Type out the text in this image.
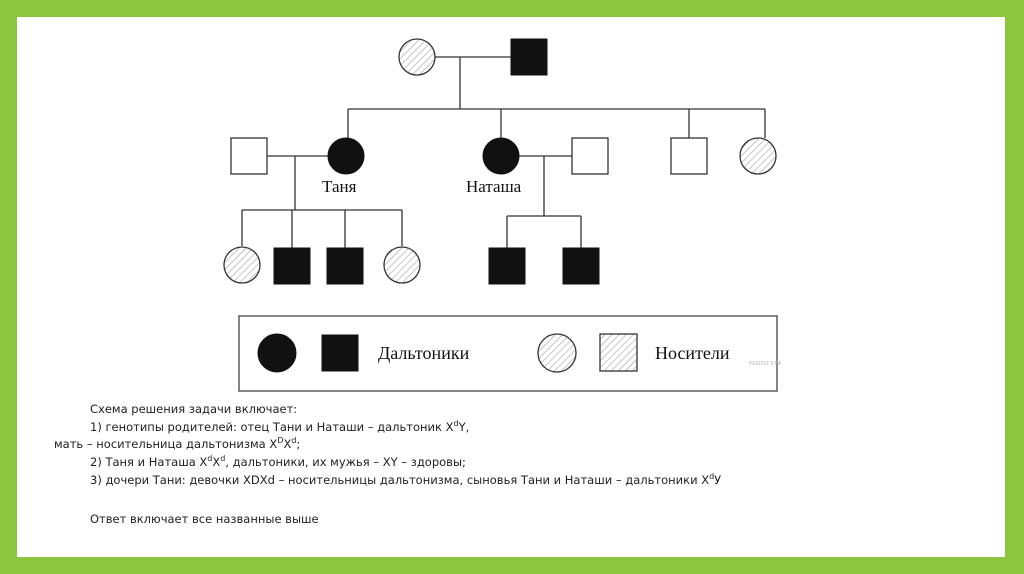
Таня	Наташа
Дальтоники	Носители
РЕШУЕГЭ.РФ
Схема решения задачи включает:
1) генотипы родителей: отец Тани и Наташи – дальтоник $X^dY$,
мать – носительница дальтонизма $X^DX^d$;
2) Таня и Наташа $X^dX^d$, дальтоники, их мужья – XY – здоровы;
3) дочери Тани: девочки XDXd – носительницы дальтонизма, сыновья Тани и Наташи – дальтоники $X^dУ$
Ответ включает все названные выше
